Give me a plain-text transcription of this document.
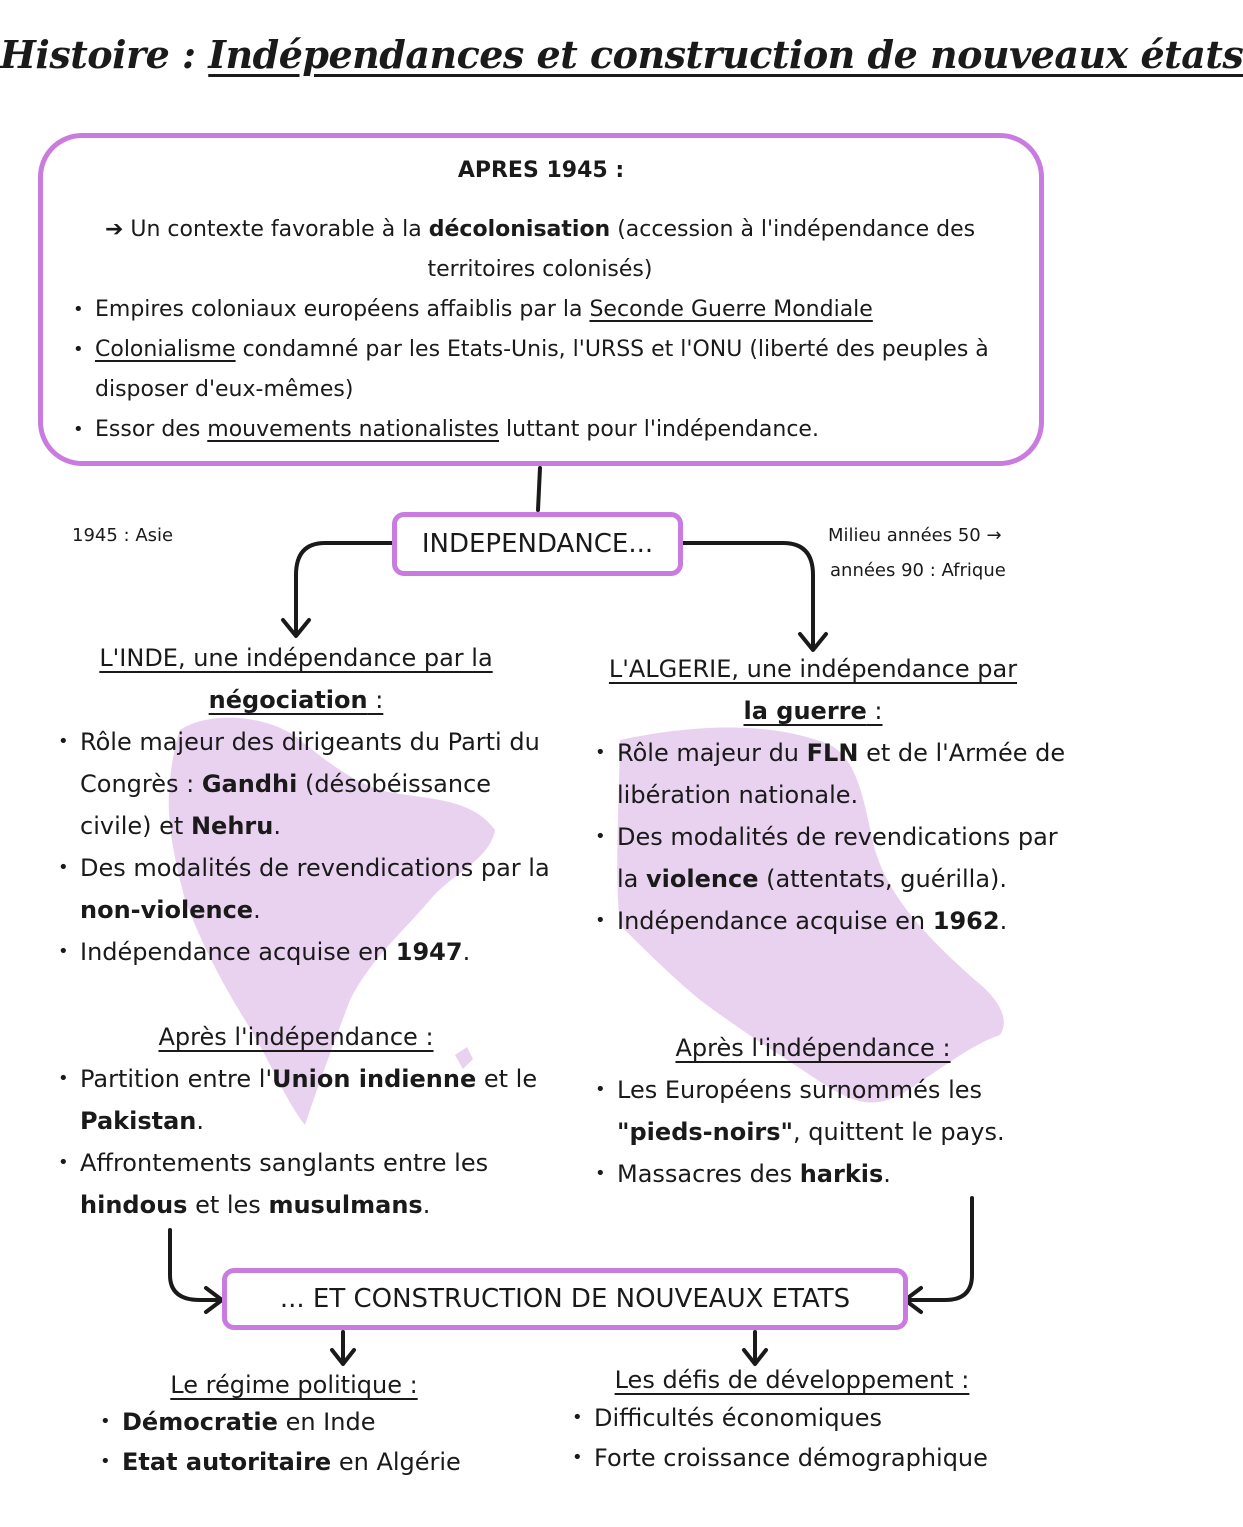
Histoire : Indépendances et construction de nouveaux états
APRES 1945 :
➔ Un contexte favorable à la décolonisation (accession à l'indépendance des territoires colonisés)
• Empires coloniaux européens affaiblis par la Seconde Guerre Mondiale
• Colonialisme condamné par les Etats-Unis, l'URSS et l'ONU (liberté des peuples à disposer d'eux-mêmes)
• Essor des mouvements nationalistes luttant pour l'indépendance.
INDEPENDANCE...
1945 : Asie	Milieu années 50 →
années 90 : Afrique
L'INDE, une indépendance par la
négociation :
• Rôle majeur des dirigeants du Parti du Congrès : Gandhi (désobéissance civile) et Nehru.
• Des modalités de revendications par la non-violence.
• Indépendance acquise en 1947.
Après l'indépendance :
• Partition entre l'Union indienne et le Pakistan.
• Affrontements sanglants entre les hindous et les musulmans.
L'ALGERIE, une indépendance par
la guerre :
• Rôle majeur du FLN et de l'Armée de libération nationale.
• Des modalités de revendications par la violence (attentats, guérilla).
• Indépendance acquise en 1962.
Après l'indépendance :
• Les Européens surnommés les "pieds-noirs", quittent le pays.
• Massacres des harkis.
... ET CONSTRUCTION DE NOUVEAUX ETATS
Le régime politique :
• Démocratie en Inde
• Etat autoritaire en Algérie
Les défis de développement :
• Difficultés économiques
• Forte croissance démographique
